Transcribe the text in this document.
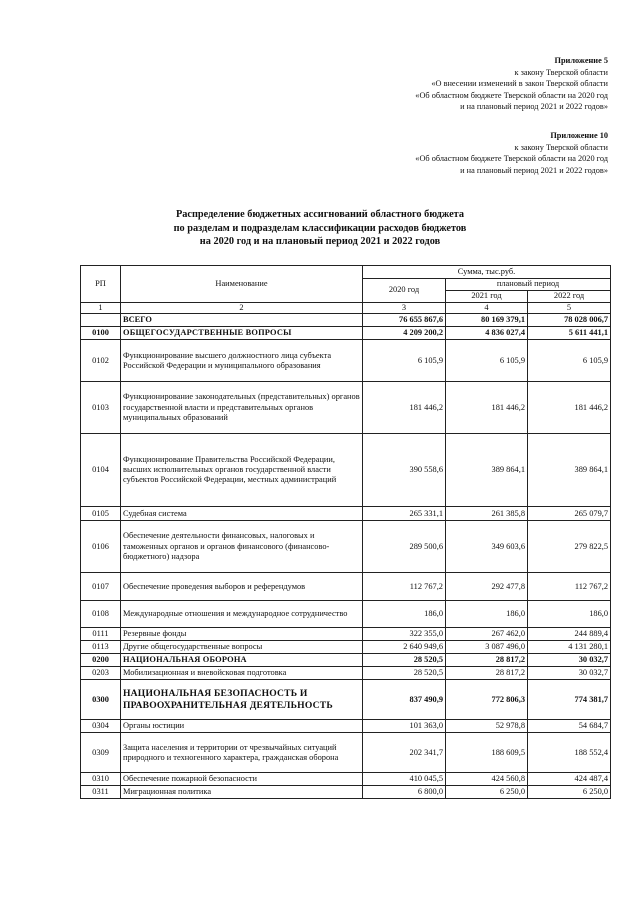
Приложение 5
к закону Тверской области
«О внесении изменений в закон Тверской области
«Об областном бюджете Тверской области на 2020 год
и на плановый период 2021 и 2022 годов»
Приложение 10
к закону Тверской области
«Об областном бюджете Тверской области на 2020 год
и на плановый период 2021 и 2022 годов»
Распределение бюджетных ассигнований областного бюджета
по разделам и подразделам классификации расходов бюджетов
на 2020 год и на плановый период 2021 и 2022 годов
РП	Наименование	Сумма, тыс.руб.		
		2020 год	плановый период	
			2021 год	2022 год
1	2	3	4	5
	ВСЕГО	76 655 867,6	80 169 379,1	78 028 006,7
0100	ОБЩЕГОСУДАРСТВЕННЫЕ ВОПРОСЫ	4 209 200,2	4 836 027,4	5 611 441,1
0102	Функционирование высшего должностного лица субъекта Российской Федерации и муниципального образования	6 105,9	6 105,9	6 105,9
0103	Функционирование законодательных (представительных) органов государственной власти и представительных органов муниципальных образований	181 446,2	181 446,2	181 446,2
0104	Функционирование Правительства Российской Федерации, высших исполнительных органов государственной власти субъектов Российской Федерации, местных администраций	390 558,6	389 864,1	389 864,1
0105	Судебная система	265 331,1	261 385,8	265 079,7
0106	Обеспечение деятельности финансовых, налоговых и таможенных органов и органов финансового (финансово-бюджетного) надзора	289 500,6	349 603,6	279 822,5
0107	Обеспечение проведения выборов и референдумов	112 767,2	292 477,8	112 767,2
0108	Международные отношения и международное сотрудничество	186,0	186,0	186,0
0111	Резервные фонды	322 355,0	267 462,0	244 889,4
0113	Другие общегосударственные вопросы	2 640 949,6	3 087 496,0	4 131 280,1
0200	НАЦИОНАЛЬНАЯ ОБОРОНА	28 520,5	28 817,2	30 032,7
0203	Мобилизационная и вневойсковая подготовка	28 520,5	28 817,2	30 032,7
0300	НАЦИОНАЛЬНАЯ БЕЗОПАСНОСТЬ И ПРАВООХРАНИТЕЛЬНАЯ ДЕЯТЕЛЬНОСТЬ	837 490,9	772 806,3	774 381,7
0304	Органы юстиции	101 363,0	52 978,8	54 684,7
0309	Защита населения и территории от чрезвычайных ситуаций природного и техногенного характера, гражданская оборона	202 341,7	188 609,5	188 552,4
0310	Обеспечение пожарной безопасности	410 045,5	424 560,8	424 487,4
0311	Миграционная политика	6 800,0	6 250,0	6 250,0
